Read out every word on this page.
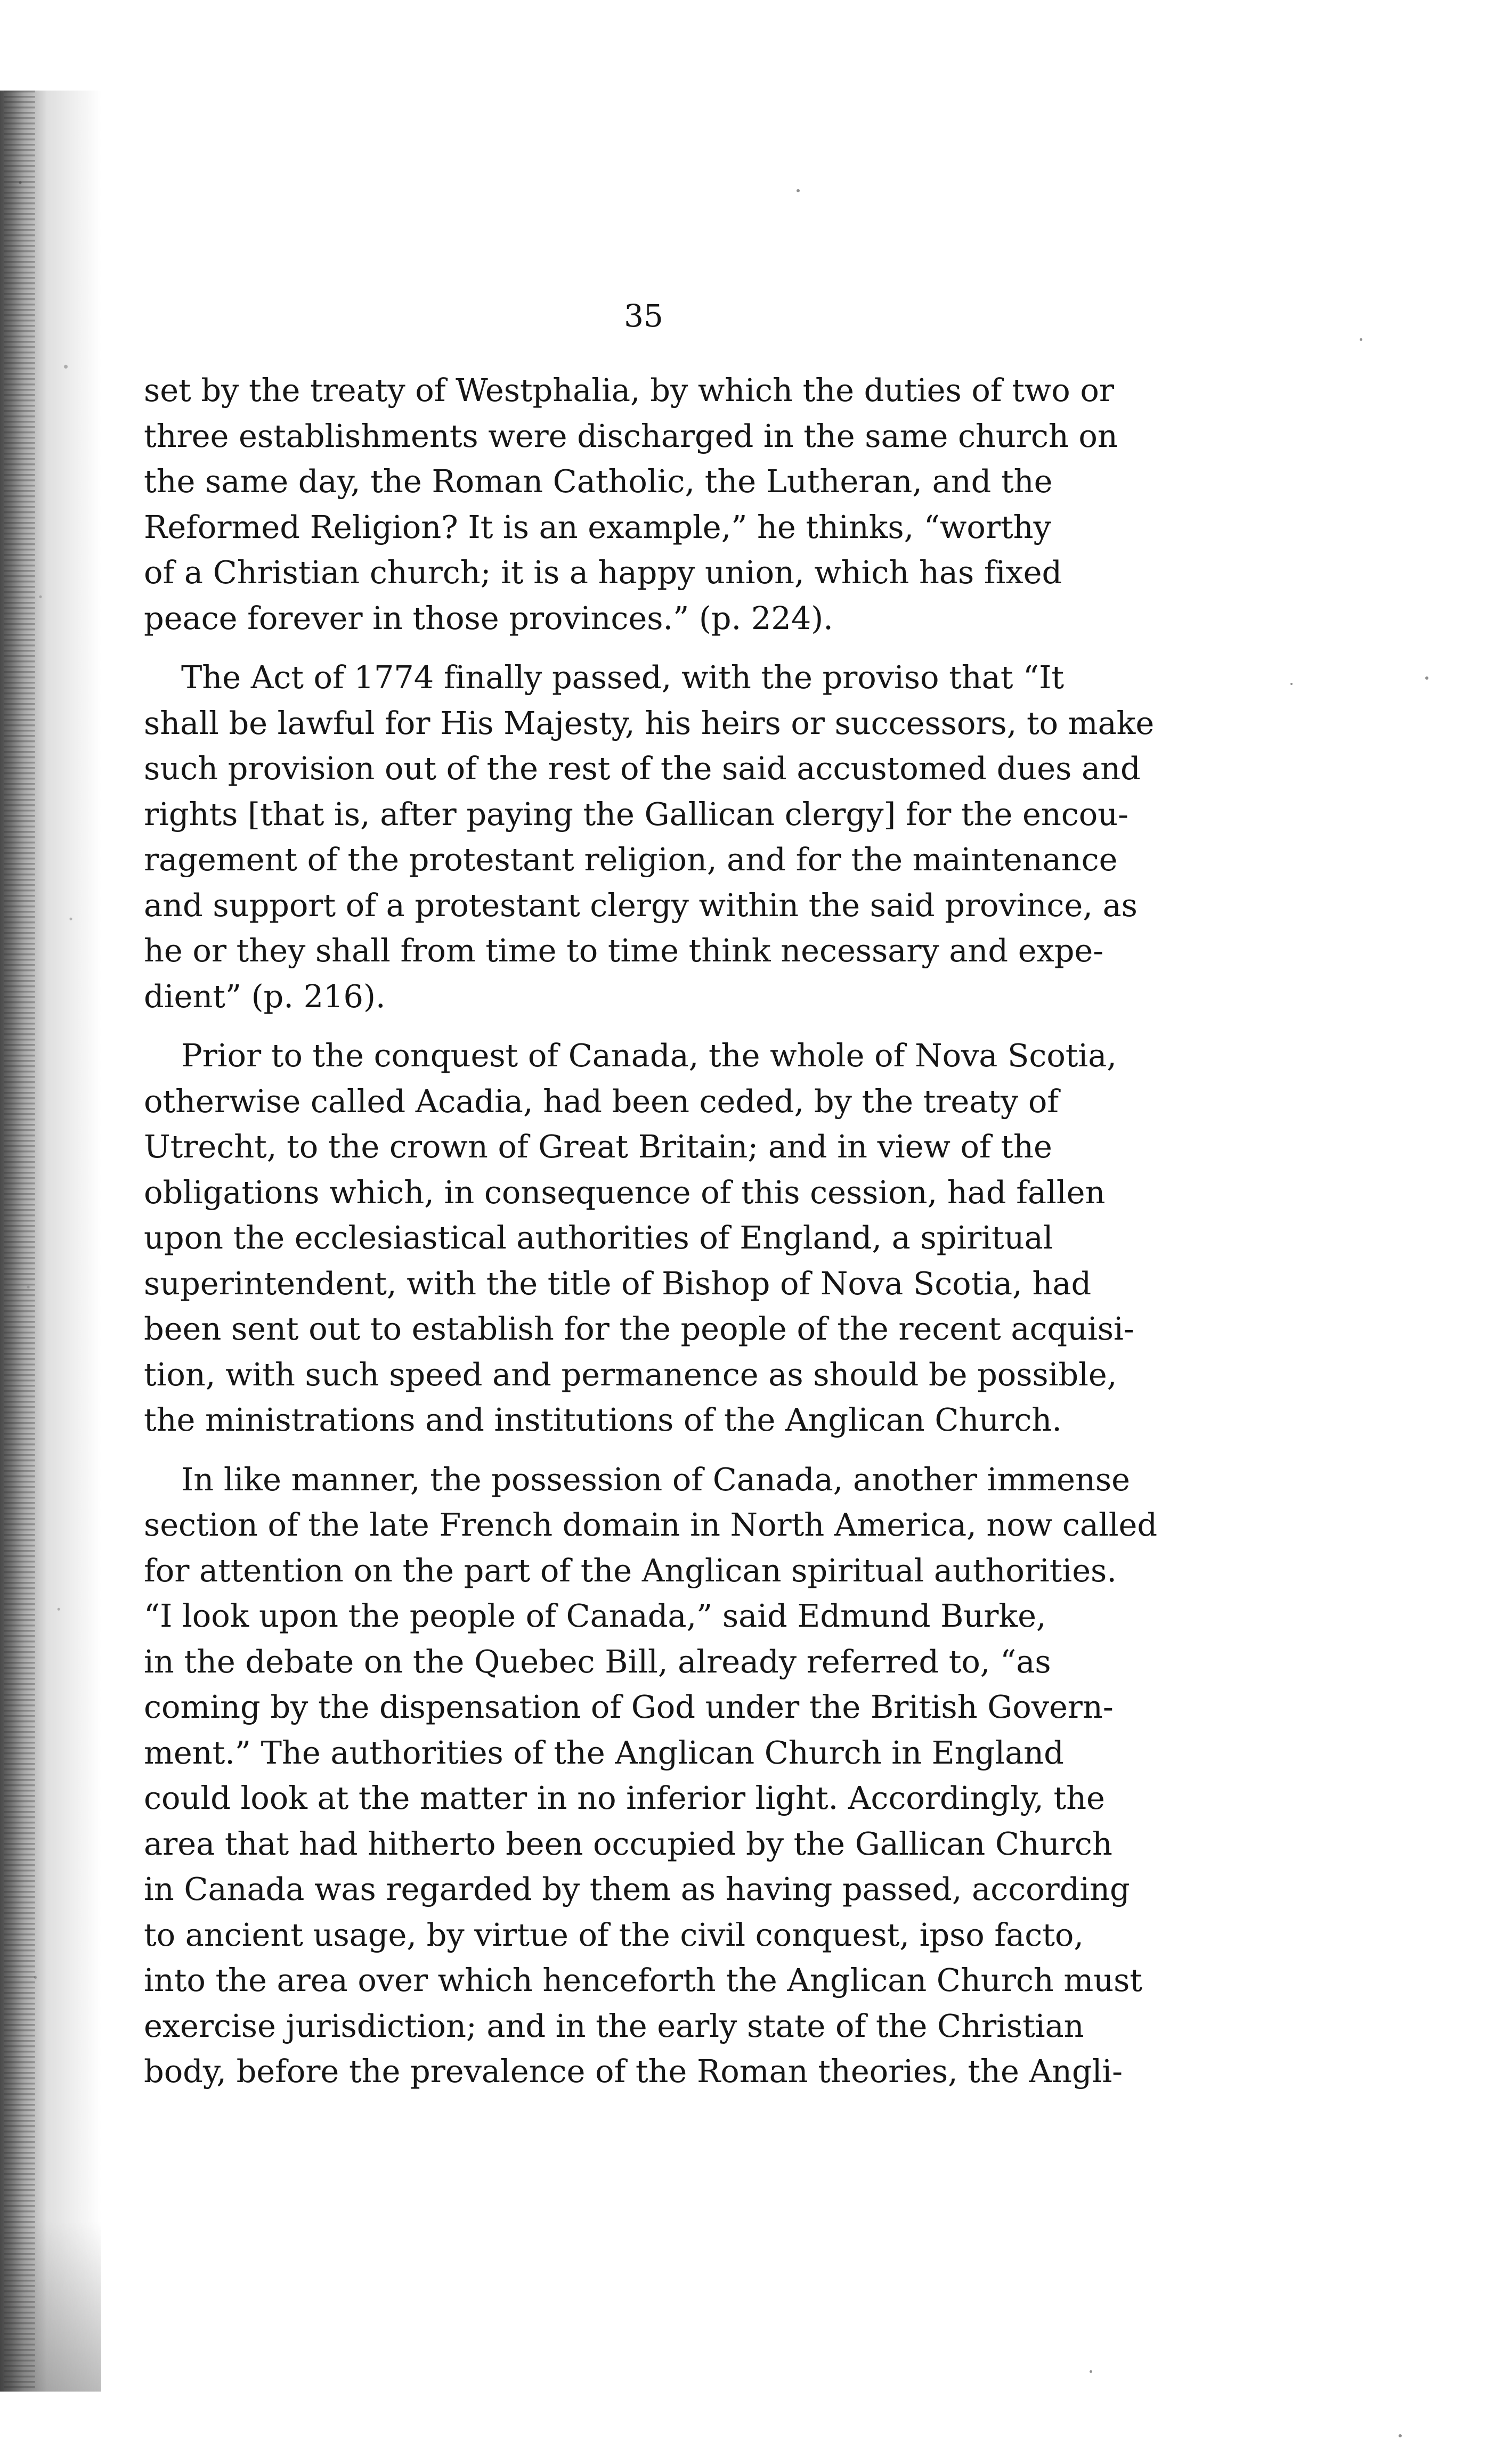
35
set by the treaty of Westphalia, by which the duties of two or
three establishments were discharged in the same church on
the same day, the Roman Catholic, the Lutheran, and the
Reformed Religion? It is an example,” he thinks, “worthy
of a Christian church; it is a happy union, which has fixed
peace forever in those provinces.” (p. 224).
The Act of 1774 finally passed, with the proviso that “It
shall be lawful for His Majesty, his heirs or successors, to make
such provision out of the rest of the said accustomed dues and
rights [that is, after paying the Gallican clergy] for the encou-
ragement of the protestant religion, and for the maintenance
and support of a protestant clergy within the said province, as
he or they shall from time to time think necessary and expe-
dient” (p. 216).
Prior to the conquest of Canada, the whole of Nova Scotia,
otherwise called Acadia, had been ceded, by the treaty of
Utrecht, to the crown of Great Britain; and in view of the
obligations which, in consequence of this cession, had fallen
upon the ecclesiastical authorities of England, a spiritual
superintendent, with the title of Bishop of Nova Scotia, had
been sent out to establish for the people of the recent acquisi-
tion, with such speed and permanence as should be possible,
the ministrations and institutions of the Anglican Church.
In like manner, the possession of Canada, another immense
section of the late French domain in North America, now called
for attention on the part of the Anglican spiritual authorities.
“I look upon the people of Canada,” said Edmund Burke,
in the debate on the Quebec Bill, already referred to, “as
coming by the dispensation of God under the British Govern-
ment.” The authorities of the Anglican Church in England
could look at the matter in no inferior light. Accordingly, the
area that had hitherto been occupied by the Gallican Church
in Canada was regarded by them as having passed, according
to ancient usage, by virtue of the civil conquest, ipso facto,
into the area over which henceforth the Anglican Church must
exercise jurisdiction; and in the early state of the Christian
body, before the prevalence of the Roman theories, the Angli-
